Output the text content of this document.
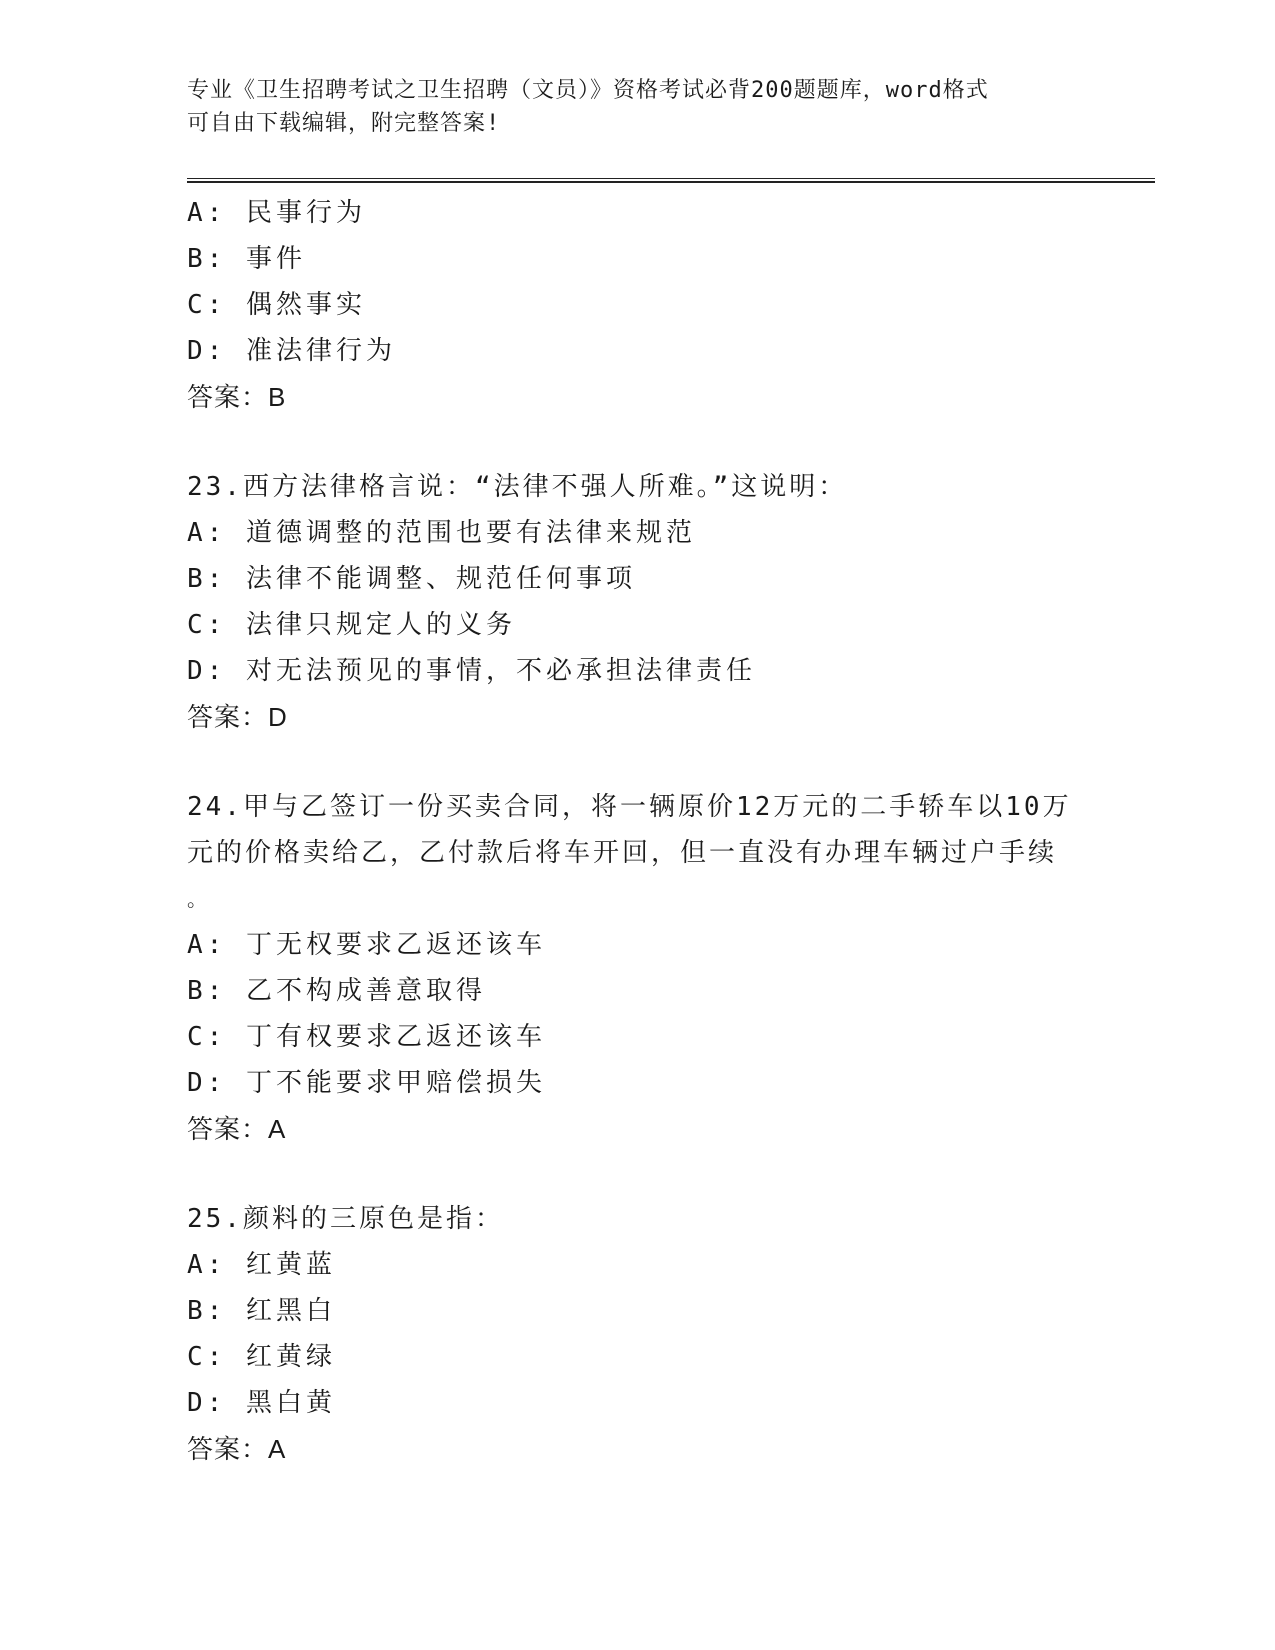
专业《卫生招聘考试之卫生招聘（文员）》资格考试必背200题题库，word格式
可自由下载编辑，附完整答案!
A: 民事行为
B: 事件
C: 偶然事实
D: 准法律行为
答案：B
23.西方法律格言说：“法律不强人所难。”这说明：
A: 道德调整的范围也要有法律来规范
B: 法律不能调整、规范任何事项
C: 法律只规定人的义务
D: 对无法预见的事情，不必承担法律责任
答案：D
24.甲与乙签订一份买卖合同，将一辆原价12万元的二手轿车以10万
元的价格卖给乙，乙付款后将车开回，但一直没有办理车辆过户手续
。
A: 丁无权要求乙返还该车
B: 乙不构成善意取得
C: 丁有权要求乙返还该车
D: 丁不能要求甲赔偿损失
答案：A
25.颜料的三原色是指：
A: 红黄蓝
B: 红黑白
C: 红黄绿
D: 黑白黄
答案：A
